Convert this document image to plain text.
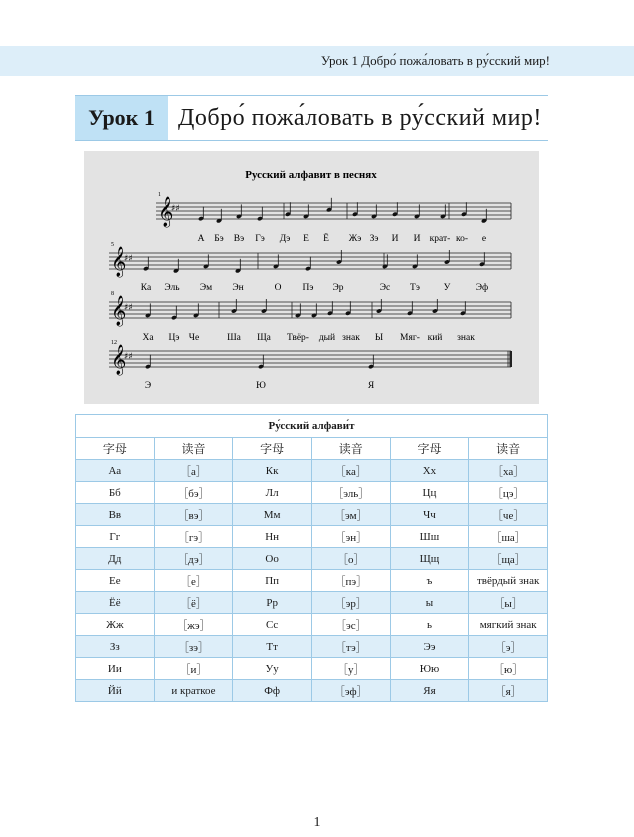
Урок 1 Добро́ пожа́ловать в ру́сский мир!
Урок 1 Добро́ пожа́ловать в ру́сский мир!
Русский алфавит в песнях
𝄞
♯♯
1
А Бэ Вэ Гэ Дэ Е Ё Жэ Зэ И И крат- ко- е
𝄞
♯♯
5
Ка Эль Эм Эн	О Пэ Эр	Эс Тэ У	Эф
𝄞
♯♯
8
Ха Цэ Че	Ша Ща Твёр- дый знак Ы Мяг- кий знак
𝄞
♯♯
12
Э	Ю	Я
Ру́сский алфави́т					
字母	读音	字母	读音	字母	读音
Аа	［а］	Кк	［ка］	Хх	［ха］
Бб	［бэ］	Лл	［эль］	Цц	［цэ］
Вв	［вэ］	Мм	［эм］	Чч	［че］
Гг	［гэ］	Нн	［эн］	Шш	［ша］
Дд	［дэ］	Оо	［о］	Щщ	［ща］
Ее	［е］	Пп	［пэ］	ъ	твёрдый знак
Ёё	［ё］	Рр	［эр］	ы	［ы］
Жж	［жэ］	Сс	［эс］	ь	мягкий знак
Зз	［зэ］	Тт	［тэ］	Ээ	［э］
Ии	［и］	Уу	［у］	Юю	［ю］
Йй	и краткое	Фф	［эф］	Яя	［я］
1
